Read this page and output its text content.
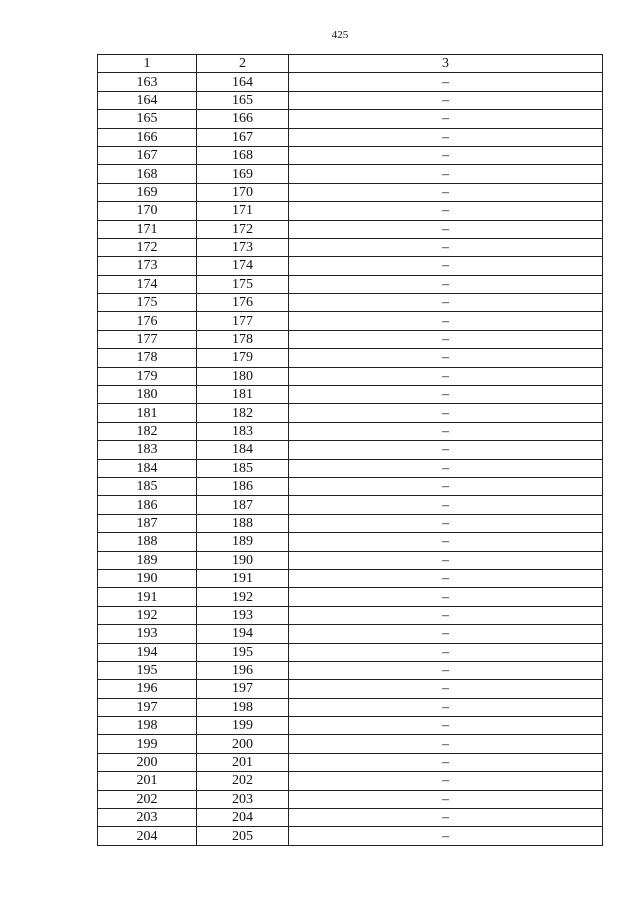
425
1	2	3
163	164	–
164	165	–
165	166	–
166	167	–
167	168	–
168	169	–
169	170	–
170	171	–
171	172	–
172	173	–
173	174	–
174	175	–
175	176	–
176	177	–
177	178	–
178	179	–
179	180	–
180	181	–
181	182	–
182	183	–
183	184	–
184	185	–
185	186	–
186	187	–
187	188	–
188	189	–
189	190	–
190	191	–
191	192	–
192	193	–
193	194	–
194	195	–
195	196	–
196	197	–
197	198	–
198	199	–
199	200	–
200	201	–
201	202	–
202	203	–
203	204	–
204	205	–
